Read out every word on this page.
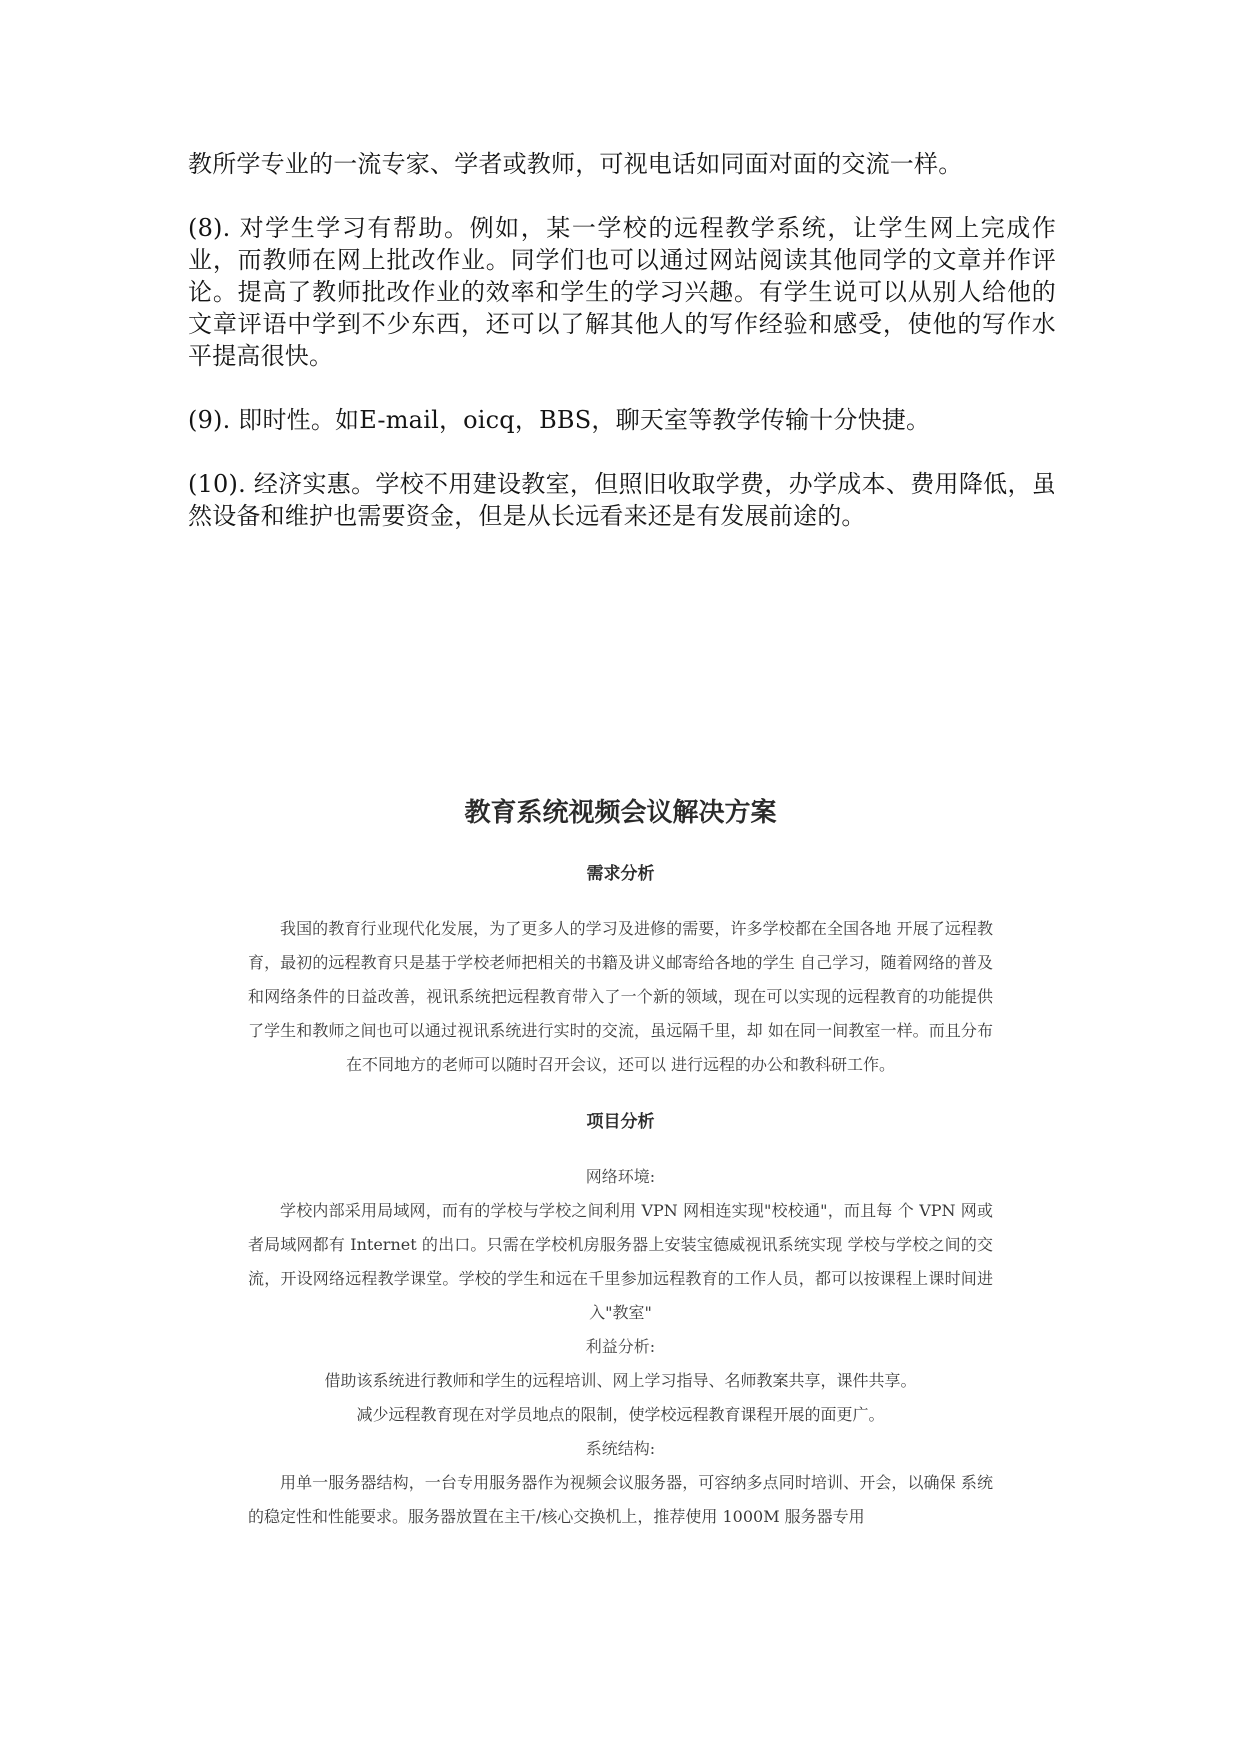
教所学专业的一流专家、学者或教师，可视电话如同面对面的交流一样。

(8). 对学生学习有帮助。例如，某一学校的远程教学系统，让学生网上完成作业，而教师在网上批改作业。同学们也可以通过网站阅读其他同学的文章并作评论。提高了教师批改作业的效率和学生的学习兴趣。有学生说可以从别人给他的文章评语中学到不少东西，还可以了解其他人的写作经验和感受，使他的写作水平提高很快。

(9). 即时性。如E-mail，oicq，BBS，聊天室等教学传输十分快捷。

(10). 经济实惠。学校不用建设教室，但照旧收取学费，办学成本、费用降低，虽然设备和维护也需要资金，但是从长远看来还是有发展前途的。

教育系统视频会议解决方案
需求分析

我国的教育行业现代化发展，为了更多人的学习及进修的需要，许多学校都在全国各地 开展了远程教育，最初的远程教育只是基于学校老师把相关的书籍及讲义邮寄给各地的学生 自己学习，随着网络的普及和网络条件的日益改善，视讯系统把远程教育带入了一个新的领域，现在可以实现的远程教育的功能提供了学生和教师之间也可以通过视讯系统进行实时的交流，虽远隔千里，却 如在同一间教室一样。而且分布在不同地方的老师可以随时召开会议，还可以 进行远程的办公和教科研工作。

项目分析

网络环境:

学校内部采用局域网，而有的学校与学校之间利用 VPN 网相连实现"校校通"，而且每 个 VPN 网或者局域网都有 Internet 的出口。只需在学校机房服务器上安装宝德威视讯系统实现 学校与学校之间的交流，开设网络远程教学课堂。学校的学生和远在千里参加远程教育的工作人员，都可以按课程上课时间进入"教室"

利益分析:

借助该系统进行教师和学生的远程培训、网上学习指导、名师教案共享，课件共享。

减少远程教育现在对学员地点的限制，使学校远程教育课程开展的面更广。

系统结构:

用单一服务器结构，一台专用服务器作为视频会议服务器，可容纳多点同时培训、开会，以确保 系统的稳定性和性能要求。服务器放置在主干/核心交换机上，推荐使用 1000M 服务器专用
